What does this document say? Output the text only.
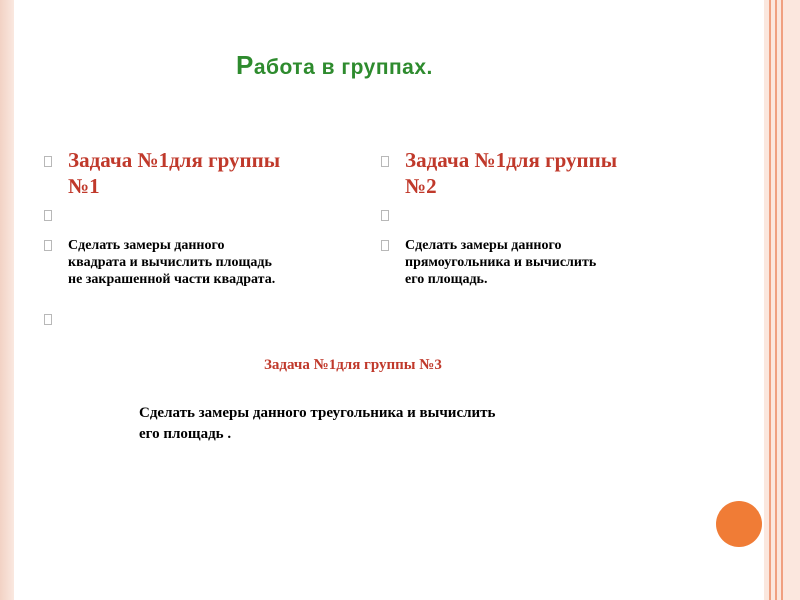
Работа в группах.
Задача №1для группы
№1
Сделать замеры данного
квадрата и вычислить площадь
не закрашенной части квадрата.
Задача №1для группы
№2
Сделать замеры данного
прямоугольника и вычислить
его площадь.
Задача №1для группы №3
Сделать замеры данного треугольника и вычислить
его площадь .
